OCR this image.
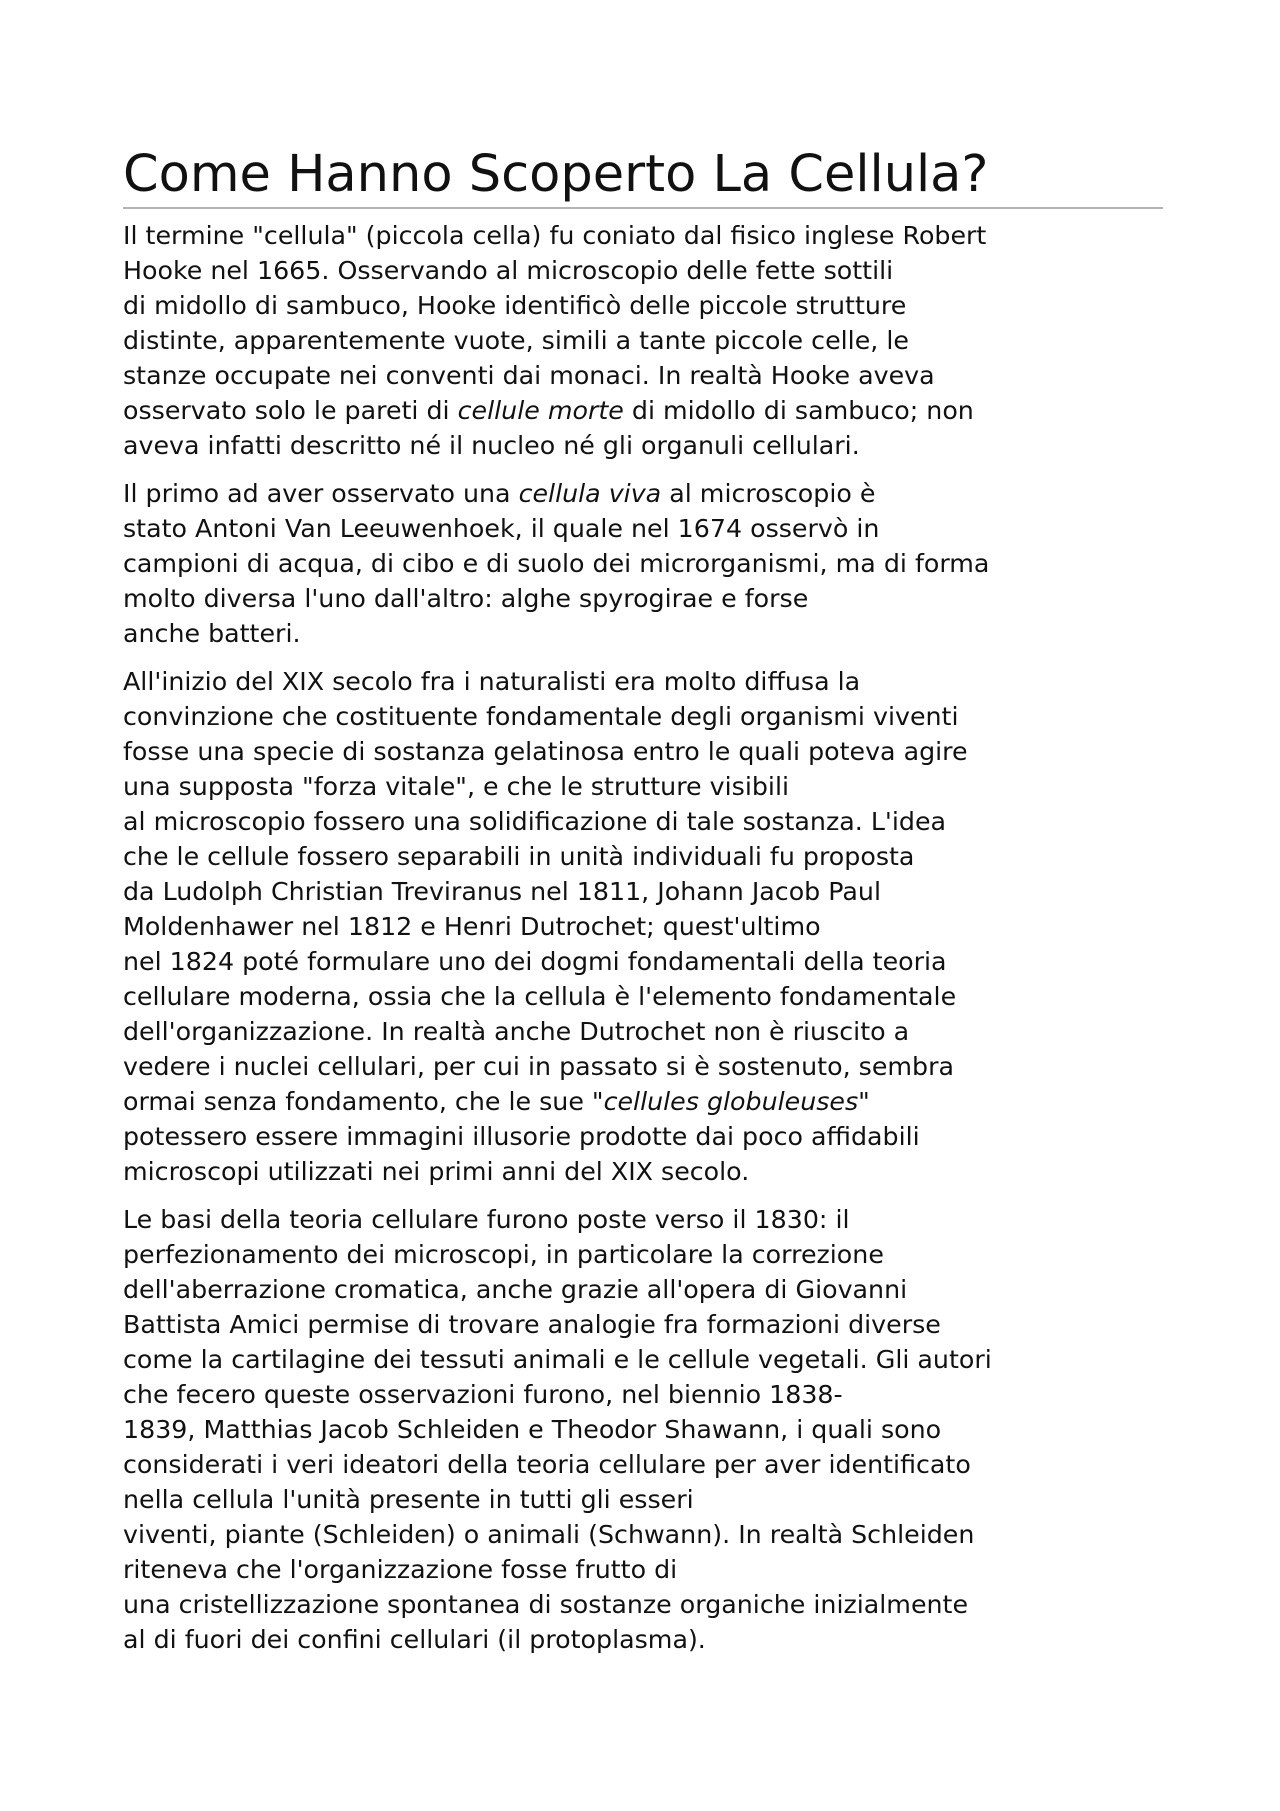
Come Hanno Scoperto La Cellula?

Il termine "cellula" (piccola cella) fu coniato dal fisico inglese Robert
Hooke nel 1665. Osservando al microscopio delle fette sottili
di midollo di sambuco, Hooke identificò delle piccole strutture
distinte, apparentemente vuote, simili a tante piccole celle, le
stanze occupate nei conventi dai monaci. In realtà Hooke aveva
osservato solo le pareti di cellule morte di midollo di sambuco; non
aveva infatti descritto né il nucleo né gli organuli cellulari.

Il primo ad aver osservato una cellula viva al microscopio è
stato Antoni Van Leeuwenhoek, il quale nel 1674 osservò in
campioni di acqua, di cibo e di suolo dei microrganismi, ma di forma
molto diversa l'uno dall'altro: alghe spyrogirae e forse
anche batteri.

All'inizio del XIX secolo fra i naturalisti era molto diffusa la
convinzione che costituente fondamentale degli organismi viventi
fosse una specie di sostanza gelatinosa entro le quali poteva agire
una supposta "forza vitale", e che le strutture visibili
al microscopio fossero una solidificazione di tale sostanza. L'idea
che le cellule fossero separabili in unità individuali fu proposta
da Ludolph Christian Treviranus nel 1811, Johann Jacob Paul
Moldenhawer nel 1812 e Henri Dutrochet; quest'ultimo
nel 1824 poté formulare uno dei dogmi fondamentali della teoria
cellulare moderna, ossia che la cellula è l'elemento fondamentale
dell'organizzazione. In realtà anche Dutrochet non è riuscito a
vedere i nuclei cellulari, per cui in passato si è sostenuto, sembra
ormai senza fondamento, che le sue "cellules globuleuses"
potessero essere immagini illusorie prodotte dai poco affidabili
microscopi utilizzati nei primi anni del XIX secolo.

Le basi della teoria cellulare furono poste verso il 1830: il
perfezionamento dei microscopi, in particolare la correzione
dell'aberrazione cromatica, anche grazie all'opera di Giovanni
Battista Amici permise di trovare analogie fra formazioni diverse
come la cartilagine dei tessuti animali e le cellule vegetali. Gli autori
che fecero queste osservazioni furono, nel biennio 1838-
1839, Matthias Jacob Schleiden e Theodor Shawann, i quali sono
considerati i veri ideatori della teoria cellulare per aver identificato
nella cellula l'unità presente in tutti gli esseri
viventi, piante (Schleiden) o animali (Schwann). In realtà Schleiden
riteneva che l'organizzazione fosse frutto di
una cristellizzazione spontanea di sostanze organiche inizialmente
al di fuori dei confini cellulari (il protoplasma).
